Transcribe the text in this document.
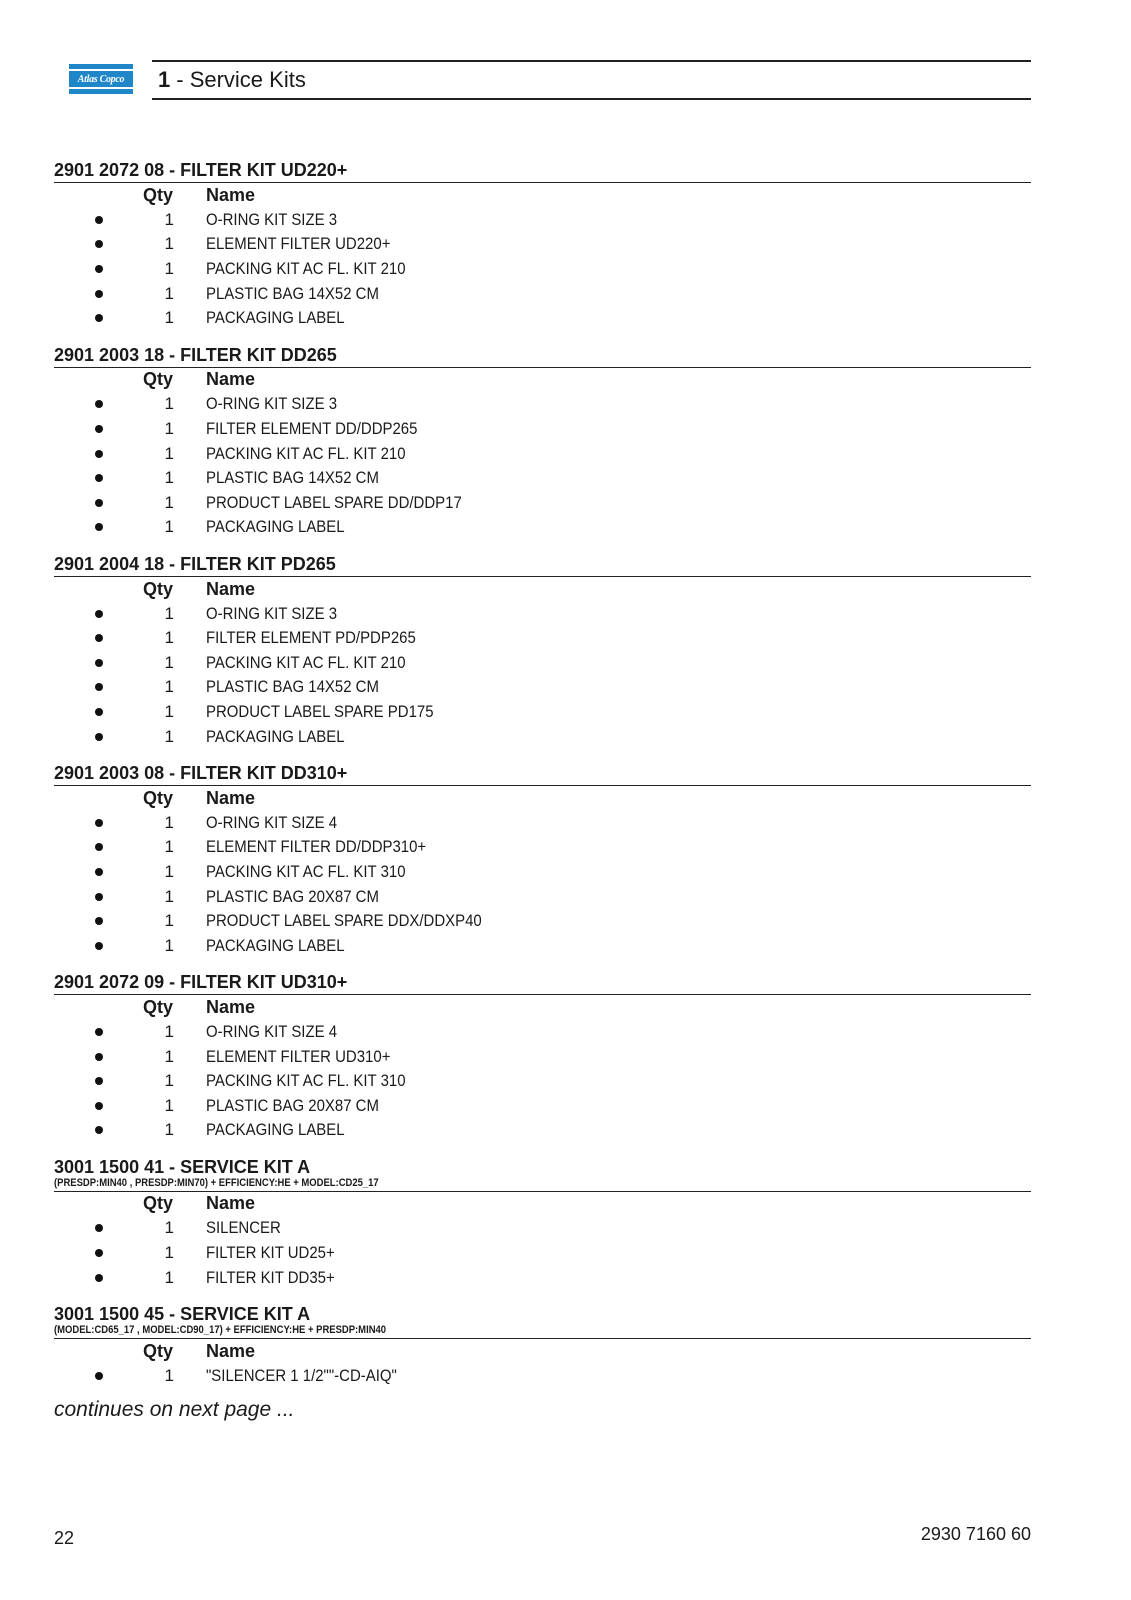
Atlas Copco 1 - Service Kits
2901 2072 08 - FILTER KIT UD220+
Qty Name
1 O-RING KIT SIZE 3
1 ELEMENT FILTER UD220+
1 PACKING KIT AC FL. KIT 210
1 PLASTIC BAG 14X52 CM
1 PACKAGING LABEL
2901 2003 18 - FILTER KIT DD265
Qty Name
1 O-RING KIT SIZE 3
1 FILTER ELEMENT DD/DDP265
1 PACKING KIT AC FL. KIT 210
1 PLASTIC BAG 14X52 CM
1 PRODUCT LABEL SPARE DD/DDP17
1 PACKAGING LABEL
2901 2004 18 - FILTER KIT PD265
Qty Name
1 O-RING KIT SIZE 3
1 FILTER ELEMENT PD/PDP265
1 PACKING KIT AC FL. KIT 210
1 PLASTIC BAG 14X52 CM
1 PRODUCT LABEL SPARE PD175
1 PACKAGING LABEL
2901 2003 08 - FILTER KIT DD310+
Qty Name
1 O-RING KIT SIZE 4
1 ELEMENT FILTER DD/DDP310+
1 PACKING KIT AC FL. KIT 310
1 PLASTIC BAG 20X87 CM
1 PRODUCT LABEL SPARE DDX/DDXP40
1 PACKAGING LABEL
2901 2072 09 - FILTER KIT UD310+
Qty Name
1 O-RING KIT SIZE 4
1 ELEMENT FILTER UD310+
1 PACKING KIT AC FL. KIT 310
1 PLASTIC BAG 20X87 CM
1 PACKAGING LABEL
3001 1500 41 - SERVICE KIT A
(PRESDP:MIN40 , PRESDP:MIN70) + EFFICIENCY:HE + MODEL:CD25_17
Qty Name
1 SILENCER
1 FILTER KIT UD25+
1 FILTER KIT DD35+
3001 1500 45 - SERVICE KIT A
(MODEL:CD65_17 , MODEL:CD90_17) + EFFICIENCY:HE + PRESDP:MIN40
Qty Name
1 "SILENCER 1 1/2""-CD-AIQ"
continues on next page ...
22	2930 7160 60
